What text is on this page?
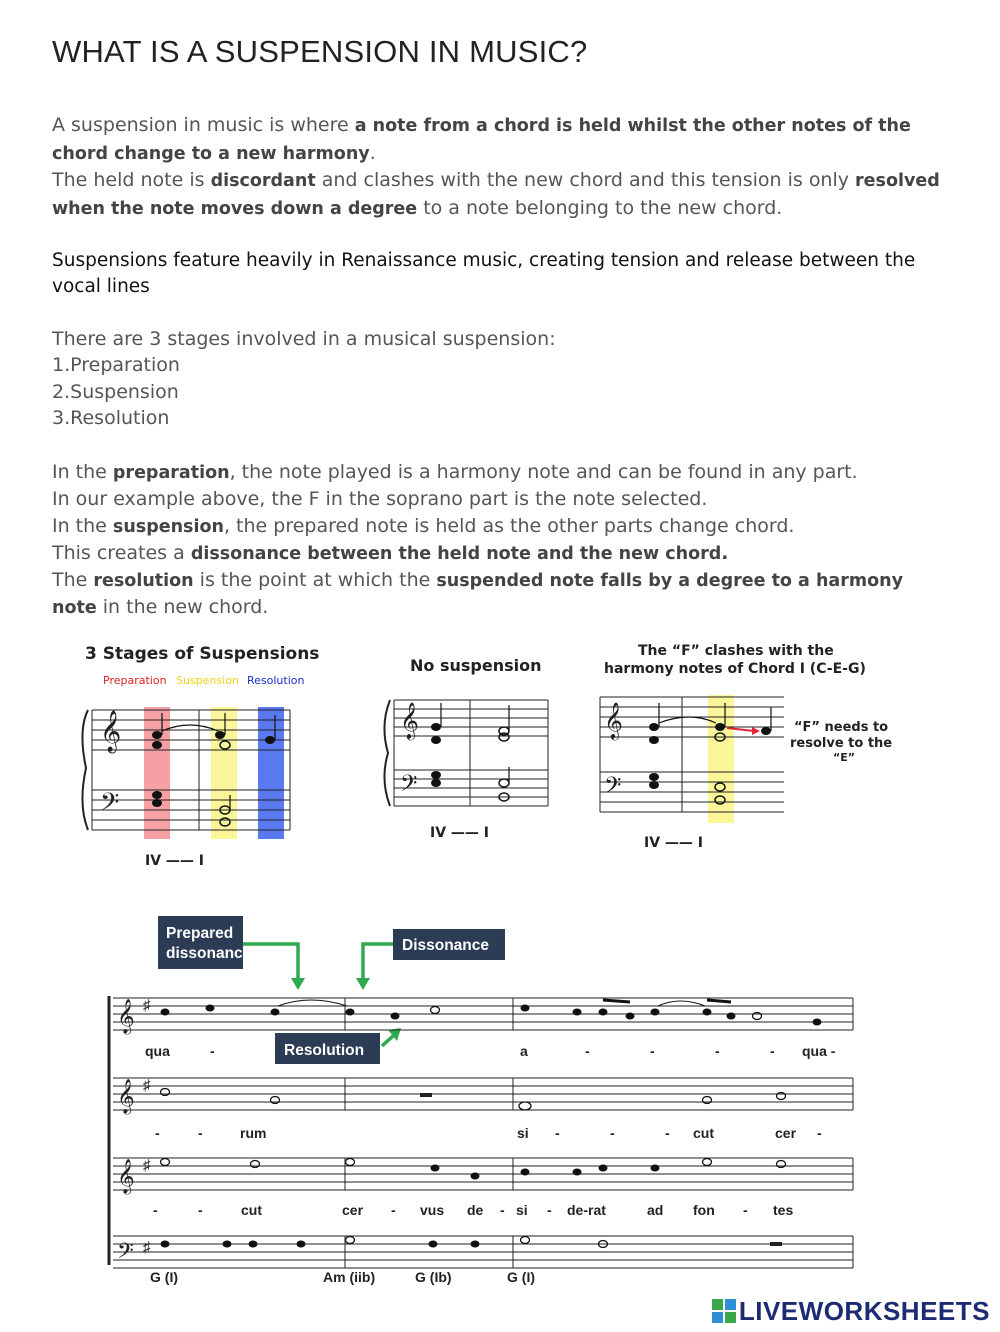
WHAT IS A SUSPENSION IN MUSIC?
A suspension in music is where a note from a chord is held whilst the other notes of the chord change to a new harmony.
The held note is discordant and clashes with the new chord and this tension is only resolved when the note moves down a degree to a note belonging to the new chord.
Suspensions feature heavily in Renaissance music, creating tension and release between the vocal lines
There are 3 stages involved in a musical suspension:
1.Preparation
2.Suspension
3.Resolution
In the preparation, the note played is a harmony note and can be found in any part.
In our example above, the F in the soprano part is the note selected.
In the suspension, the prepared note is held as the other parts change chord.
This creates a dissonance between the held note and the new chord.
The resolution is the point at which the suspended note falls by a degree to a harmony note in the new chord.
3 Stages of Suspensions
Preparation Suspension Resolution
𝄞
𝄢
IV —— I
No suspension
𝄞
𝄢
IV —— I
The “F” clashes with the
harmony notes of Chord I (C-E-G)
𝄞
𝄢
“F” needs to
resolve to the
“E”
IV —— I
Prepared
dissonance	Dissonance
Resolution
𝄞 ♯
qua	-	a	-	-	-	- qua -
𝄞 ♯
-	-	rum	si -	-	- cut	cer -
𝄞 ♯
-	-	cut	cer - vus de - si - de-rat	ad fon - tes
𝄢 ♯
G (I)	Am (iib)	G (Ib)	G (I)
LIVEWORKSHEETS
